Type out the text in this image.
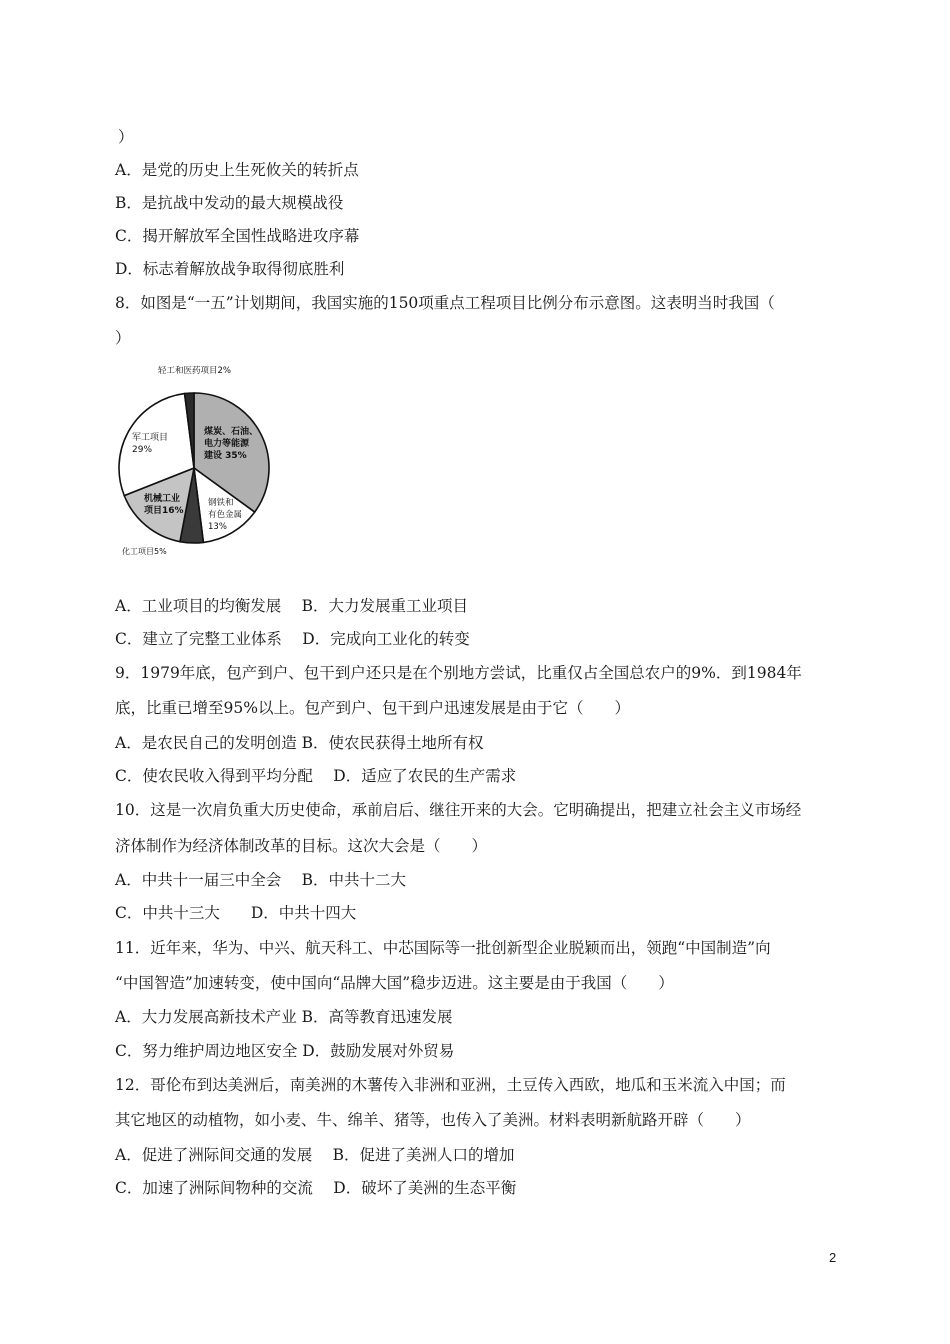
）
A．是党的历史上生死攸关的转折点
B．是抗战中发动的最大规模战役
C．揭开解放军全国性战略进攻序幕
D．标志着解放战争取得彻底胜利
8．如图是“一五”计划期间，我国实施的150项重点工程项目比例分布示意图。这表明当时我国（
）
轻工和医药项目2%
煤炭、石油、电力等能源建设 35%
军工项目 29%
机械工业项目16%
钢铁和有色金属 13%
化工项目5%
A．工业项目的均衡发展　 B．大力发展重工业项目
C．建立了完整工业体系　 D．完成向工业化的转变
9．1979年底，包产到户、包干到户还只是在个别地方尝试，比重仅占全国总农户的9%．到1984年
底，比重已增至95%以上。包产到户、包干到户迅速发展是由于它（　　）
A．是农民自己的发明创造 B．使农民获得土地所有权
C．使农民收入得到平均分配　 D．适应了农民的生产需求
10．这是一次肩负重大历史使命，承前启后、继往开来的大会。它明确提出，把建立社会主义市场经
济体制作为经济体制改革的目标。这次大会是（　　）
A．中共十一届三中全会　 B．中共十二大
C．中共十三大　　D．中共十四大
11．近年来，华为、中兴、航天科工、中芯国际等一批创新型企业脱颖而出，领跑“中国制造”向
“中国智造”加速转变，使中国向“品牌大国”稳步迈进。这主要是由于我国（　　）
A．大力发展高新技术产业 B．高等教育迅速发展
C．努力维护周边地区安全 D．鼓励发展对外贸易
12．哥伦布到达美洲后，南美洲的木薯传入非洲和亚洲，土豆传入西欧，地瓜和玉米流入中国；而
其它地区的动植物，如小麦、牛、绵羊、猪等，也传入了美洲。材料表明新航路开辟（　　）
A．促进了洲际间交通的发展　 B．促进了美洲人口的增加
C．加速了洲际间物种的交流　 D．破坏了美洲的生态平衡
2
